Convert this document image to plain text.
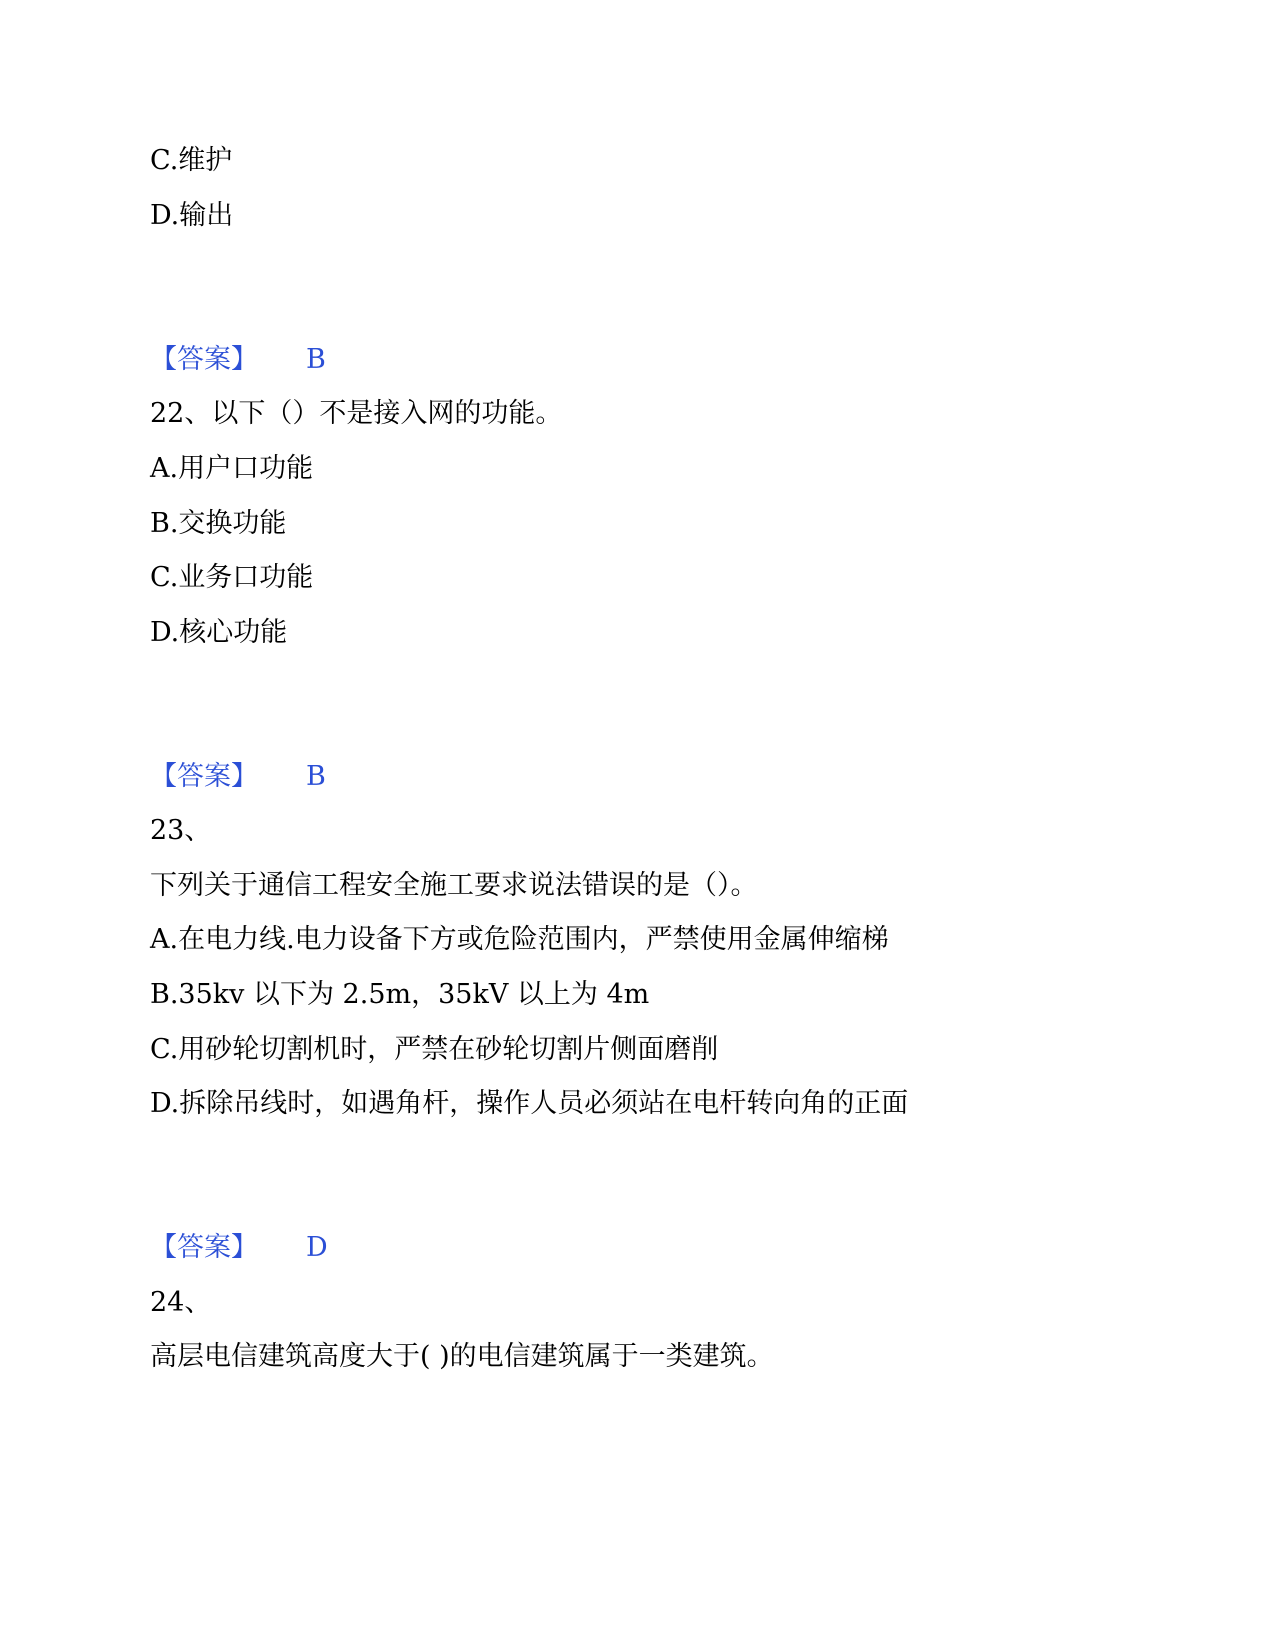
C.维护
D.输出
【答案】 B
22、以下（）不是接入网的功能。
A.用户口功能
B.交换功能
C.业务口功能
D.核心功能
【答案】 B
23、
下列关于通信工程安全施工要求说法错误的是（）。
A.在电力线.电力设备下方或危险范围内，严禁使用金属伸缩梯
B.35kv 以下为 2.5m，35kV 以上为 4m
C.用砂轮切割机时，严禁在砂轮切割片侧面磨削
D.拆除吊线时，如遇角杆，操作人员必须站在电杆转向角的正面
【答案】 D
24、
高层电信建筑高度大于( )的电信建筑属于一类建筑。
